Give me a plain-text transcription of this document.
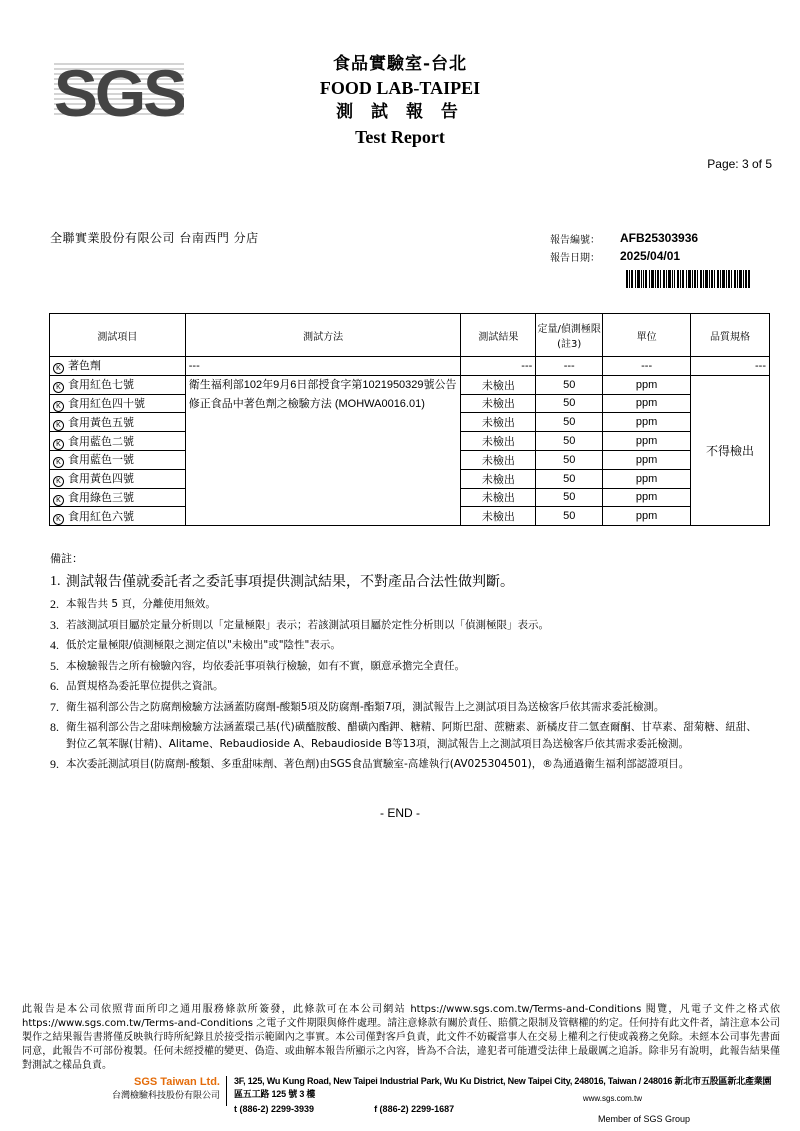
SGS	食品實驗室-台北
FOOD LAB-TAIPEI
測 試 報 告
Test Report
Page: 3 of 5
全聯實業股份有限公司 台南西門 分店	報告編號：	AFB25303936
報告日期：	2025/04/01
測試項目	測試方法	測試結果	定量/偵測極限(註3)	單位	品質規格
K 著色劑	---	---	---	---	---
K 食用紅色七號	衛生福利部102年9月6日部授食字第1021950329號公告修正食品中著色劑之檢驗方法 (MOHWA0016.01)	未檢出	50	ppm	不得檢出
K 食用紅色四十號		未檢出	50	ppm	
K 食用黃色五號		未檢出	50	ppm	
K 食用藍色二號		未檢出	50	ppm	
K 食用藍色一號		未檢出	50	ppm	
K 食用黃色四號		未檢出	50	ppm	
K 食用綠色三號		未檢出	50	ppm	
K 食用紅色六號		未檢出	50	ppm	
備註：
1. 測試報告僅就委託者之委託事項提供測試結果，不對產品合法性做判斷。
2. 本報告共 5 頁，分離使用無效。
3. 若該測試項目屬於定量分析則以「定量極限」表示；若該測試項目屬於定性分析則以「偵測極限」表示。
4. 低於定量極限/偵測極限之測定值以"未檢出"或"陰性"表示。
5. 本檢驗報告之所有檢驗內容，均依委託事項執行檢驗，如有不實，願意承擔完全責任。
6. 品質規格為委託單位提供之資訊。
7. 衛生福利部公告之防腐劑檢驗方法涵蓋防腐劑-酸類5項及防腐劑-酯類7項，測試報告上之測試項目為送檢客戶依其需求委託檢測。
8. 衛生福利部公告之甜味劑檢驗方法涵蓋環己基(代)磺醯胺酸、醋磺內酯鉀、糖精、阿斯巴甜、蔗糖素、新橘皮苷二氫查爾酮、甘草素、甜菊糖、紐甜、對位乙氧苯脲(甘精)、Alitame、Rebaudioside A、Rebaudioside B等13項，測試報告上之測試項目為送檢客戶依其需求委託檢測。
9. 本次委託測試項目(防腐劑-酸類、多重甜味劑、著色劑)由SGS食品實驗室-高雄執行(AV025304501)，®為通過衛生福利部認證項目。
- END -
此報告是本公司依照背面所印之通用服務條款所簽發，此條款可在本公司網站 https://www.sgs.com.tw/Terms-and-Conditions 閱覽，凡電子文件之格式依 https://www.sgs.com.tw/Terms-and-Conditions 之電子文件期限與條件處理。請注意條款有關於責任、賠償之限制及管轄權的約定。任何持有此文件者，請注意本公司製作之結果報告書將僅反映執行時所紀錄且於接受指示範圍內之事實。本公司僅對客戶負責，此文件不妨礙當事人在交易上權利之行使或義務之免除。未經本公司事先書面同意，此報告不可部份複製。任何未經授權的變更、偽造、或曲解本報告所顯示之內容，皆為不合法，違犯者可能遭受法律上最嚴厲之追訴。除非另有說明，此報告結果僅對測試之樣品負責。
SGS Taiwan Ltd.
台灣檢驗科技股份有限公司
3F, 125, Wu Kung Road, New Taipei Industrial Park, Wu Ku District, New Taipei City, 248016, Taiwan / 248016 新北市五股區新北產業園區五工路 125 號 3 樓
t (886-2) 2299-3939	f (886-2) 2299-1687
www.sgs.com.tw
Member of SGS Group
